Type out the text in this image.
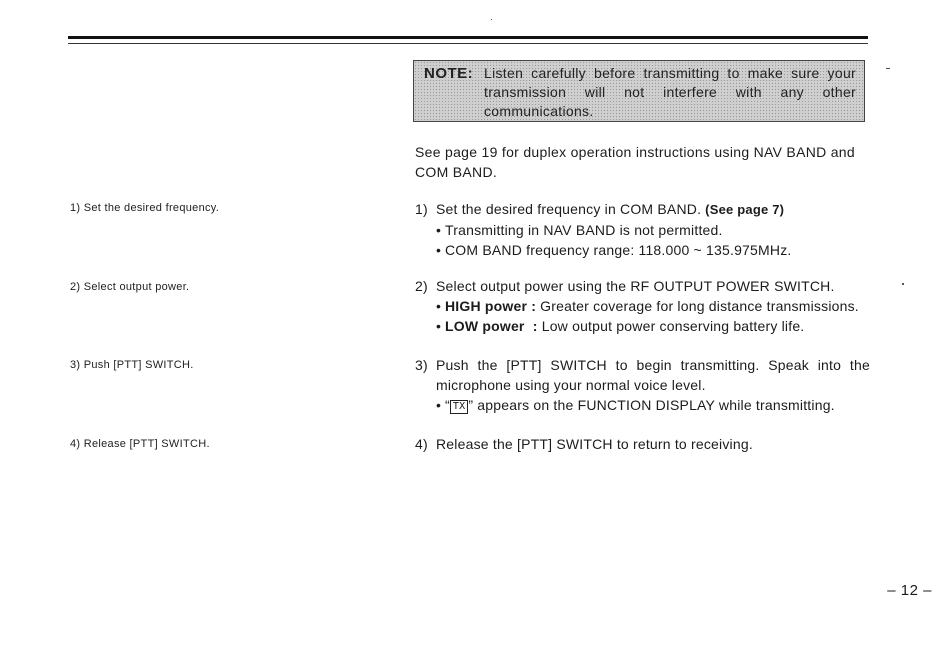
NOTE: Listen carefully before transmitting to make sure your transmission will not interfere with any other communications.
See page 19 for duplex operation instructions using NAV BAND and COM BAND.
1) Set the desired frequency.
2) Select output power.
3) Push [PTT] SWITCH.
4) Release [PTT] SWITCH.
1) Set the desired frequency in COM BAND. (See page 7)
• Transmitting in NAV BAND is not permitted.
• COM BAND frequency range: 118.000 ~ 135.975MHz.
2) Select output power using the RF OUTPUT POWER SWITCH.
• HIGH power : Greater coverage for long distance transmissions.
• LOW power  : Low output power conserving battery life.
3) Push the [PTT] SWITCH to begin transmitting. Speak into the microphone using your normal voice level.
• “ TX ” appears on the FUNCTION DISPLAY while transmitting.
4) Release the [PTT] SWITCH to return to receiving.
– 12 –
